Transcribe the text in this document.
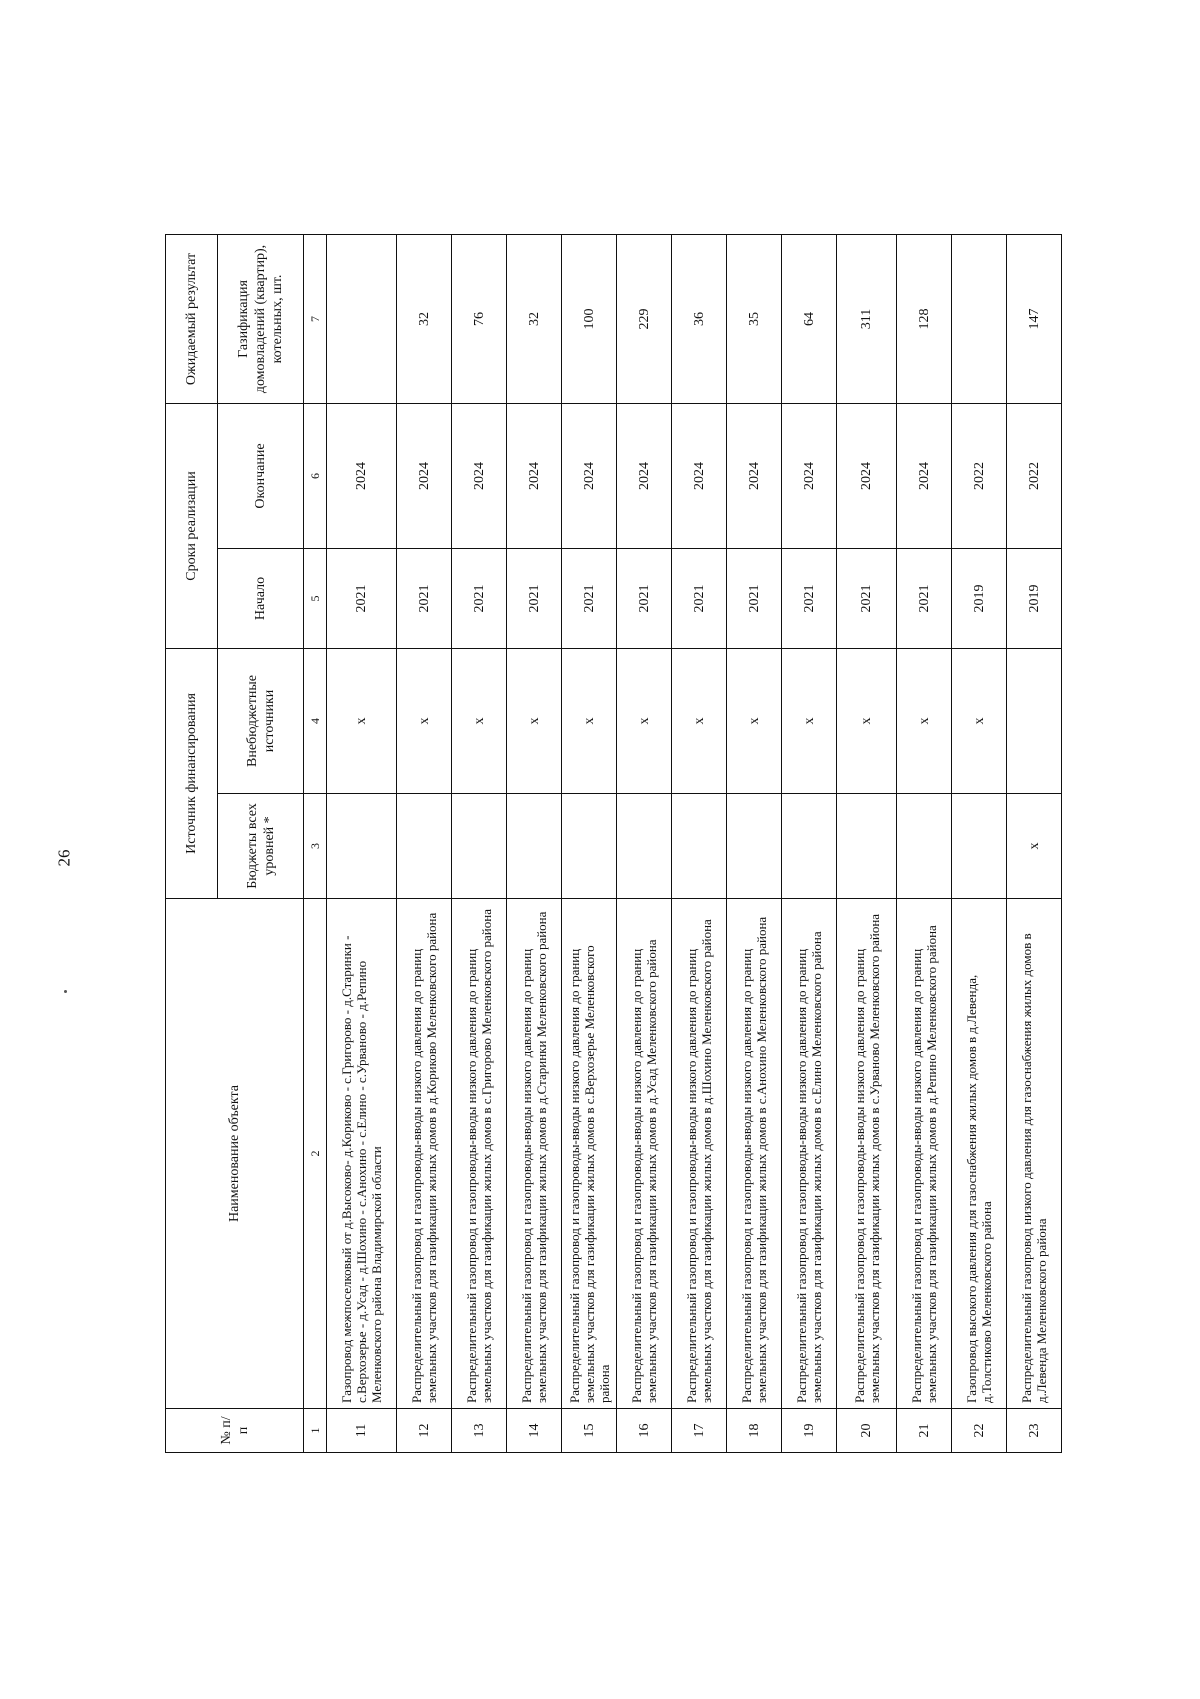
26
№ п/п	Наименование объекта	Источник финансирования		Сроки реализации		Ожидаемый результат
		Бюджеты всех уровней *	Внебюджетные источники	Начало	Окончание	Газификация домовладений (квартир), котельных, шт.
1	2	3	4	5	6	7
11	Газопровод межпоселковый от д.Высоково- д.Кориково - с.Григорово - д.Старинки - с.Верхозерье - д.Усад - д.Шохино - с.Анохино - с.Елино - с.Урваново - д.Репино Меленковского района Владимирской области		х	2021	2024	
12	Распределительный газопровод и газопроводы-вводы низкого давления до границ земельных участков для газификации жилых домов в д.Кориково Меленковского района		х	2021	2024	32
13	Распределительный газопровод и газопроводы-вводы низкого давления до границ земельных участков для газификации жилых домов в с.Григорово Меленковского района		х	2021	2024	76
14	Распределительный газопровод и газопроводы-вводы низкого давления до границ земельных участков для газификации жилых домов в д.Старинки Меленковского района		х	2021	2024	32
15	Распределительный газопровод и газопроводы-вводы низкого давления до границ земельных участков для газификации жилых домов в с.Верхозерье Меленковского района		х	2021	2024	100
16	Распределительный газопровод и газопроводы-вводы низкого давления до границ земельных участков для газификации жилых домов в д.Усад Меленковского района		х	2021	2024	229
17	Распределительный газопровод и газопроводы-вводы низкого давления до границ земельных участков для газификации жилых домов в д.Шохино Меленковского района		х	2021	2024	36
18	Распределительный газопровод и газопроводы-вводы низкого давления до границ земельных участков для газификации жилых домов в с.Анохино Меленковского района		х	2021	2024	35
19	Распределительный газопровод и газопроводы-вводы низкого давления до границ земельных участков для газификации жилых домов в с.Елино Меленковского района		х	2021	2024	64
20	Распределительный газопровод и газопроводы-вводы низкого давления до границ земельных участков для газификации жилых домов в с.Урваново Меленковского района		х	2021	2024	311
21	Распределительный газопровод и газопроводы-вводы низкого давления до границ земельных участков для газификации жилых домов в д.Репино Меленковского района		х	2021	2024	128
22	Газопровод высокого давления для газоснабжения жилых домов в д.Левенда, д.Толстиково Меленковского района		х	2019	2022	
23	Распределительный газопровод низкого давления для газоснабжения жилых домов в д.Левенда Меленковского района	х		2019	2022	147
